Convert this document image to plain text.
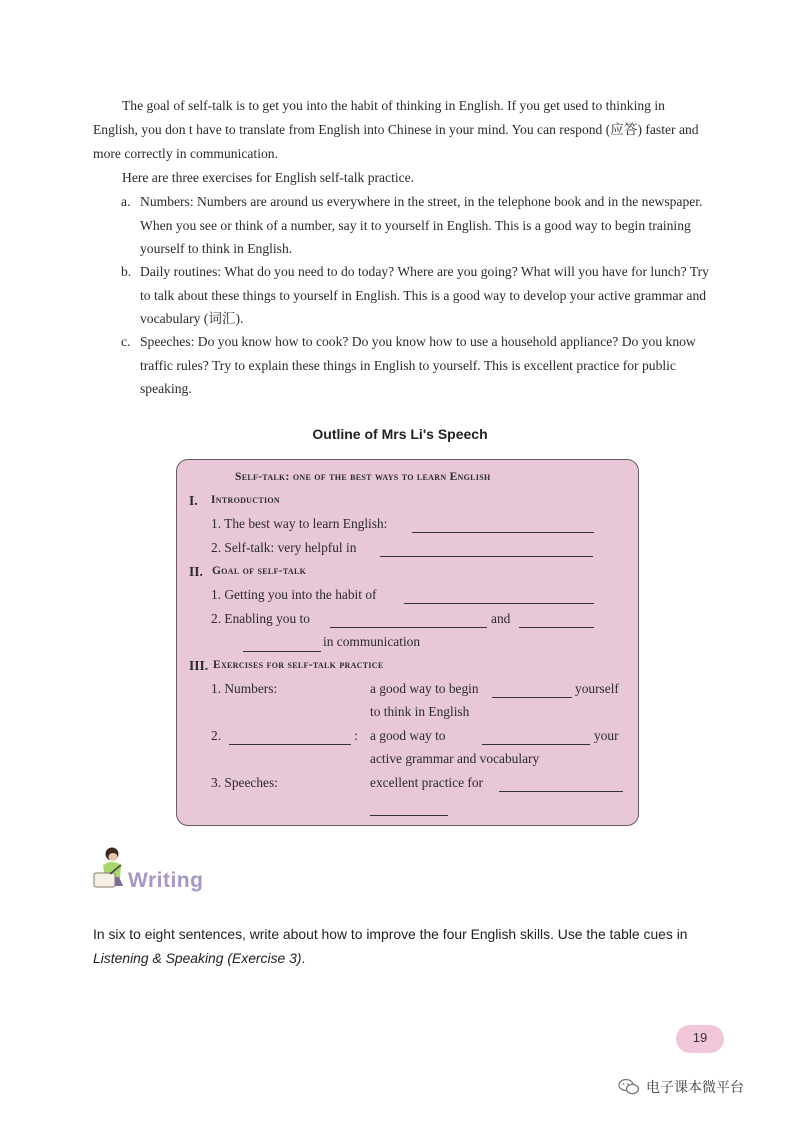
The goal of self-talk is to get you into the habit of thinking in English. If you get used to thinking in English, you don t have to translate from English into Chinese in your mind. You can respond (应答) faster and more correctly in communication.

Here are three exercises for English self-talk practice.

a. Numbers: Numbers are around us everywhere in the street, in the telephone book and in the newspaper. When you see or think of a number, say it to yourself in English. This is a good way to begin training yourself to think in English.
b. Daily routines: What do you need to do today? Where are you going? What will you have for lunch? Try to talk about these things to yourself in English. This is a good way to develop your active grammar and vocabulary (词汇).
c. Speeches: Do you know how to cook? Do you know how to use a household appliance? Do you know traffic rules? Try to explain these things in English to yourself. This is excellent practice for public speaking.
Outline of Mrs Li's Speech
Self-talk: one of the best ways to learn English
I. Introduction
1. The best way to learn English:
2. Self-talk: very helpful in
II. Goal of self-talk
1. Getting you into the habit of
2. Enabling you to	and
in communication
III. Exercises for self-talk practice
1. Numbers:	a good way to begin	yourself
to think in English
2.	: a good way to	your
active grammar and vocabulary
3. Speeches:	excellent practice for
Writing
In six to eight sentences, write about how to improve the four English skills. Use the table cues in Listening & Speaking (Exercise 3).
19
电子课本微平台
